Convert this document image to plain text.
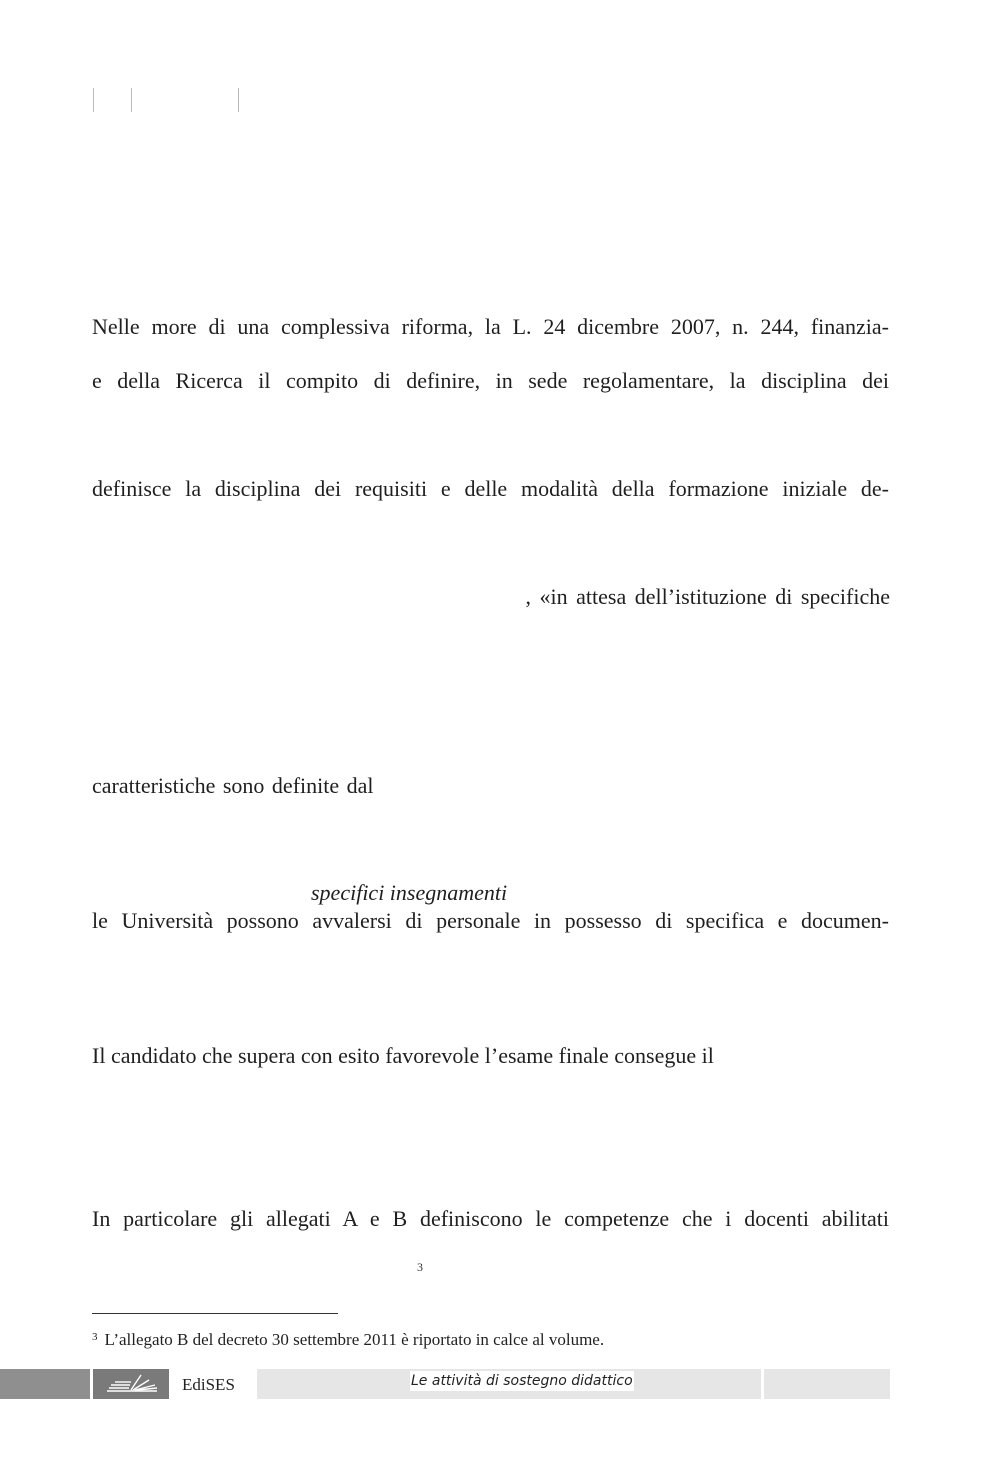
Nelle more di una complessiva riforma, la L. 24 dicembre 2007, n. 244, finanzia-
e della Ricerca il compito di definire, in sede regolamentare, la disciplina dei
definisce la disciplina dei requisiti e delle modalità della formazione iniziale de-
, «in attesa dell’istituzione di specifiche
caratteristiche sono definite dal
specifici insegnamenti
le Università possono avvalersi di personale in possesso di specifica e documen-
Il candidato che supera con esito favorevole l’esame finale consegue il
In particolare gli allegati A e B definiscono le competenze che i docenti abilitati
3
$^3$ L’allegato B del decreto 30 settembre 2011 è riportato in calce al volume.
EdiSES	Le attività di sostegno didattico
